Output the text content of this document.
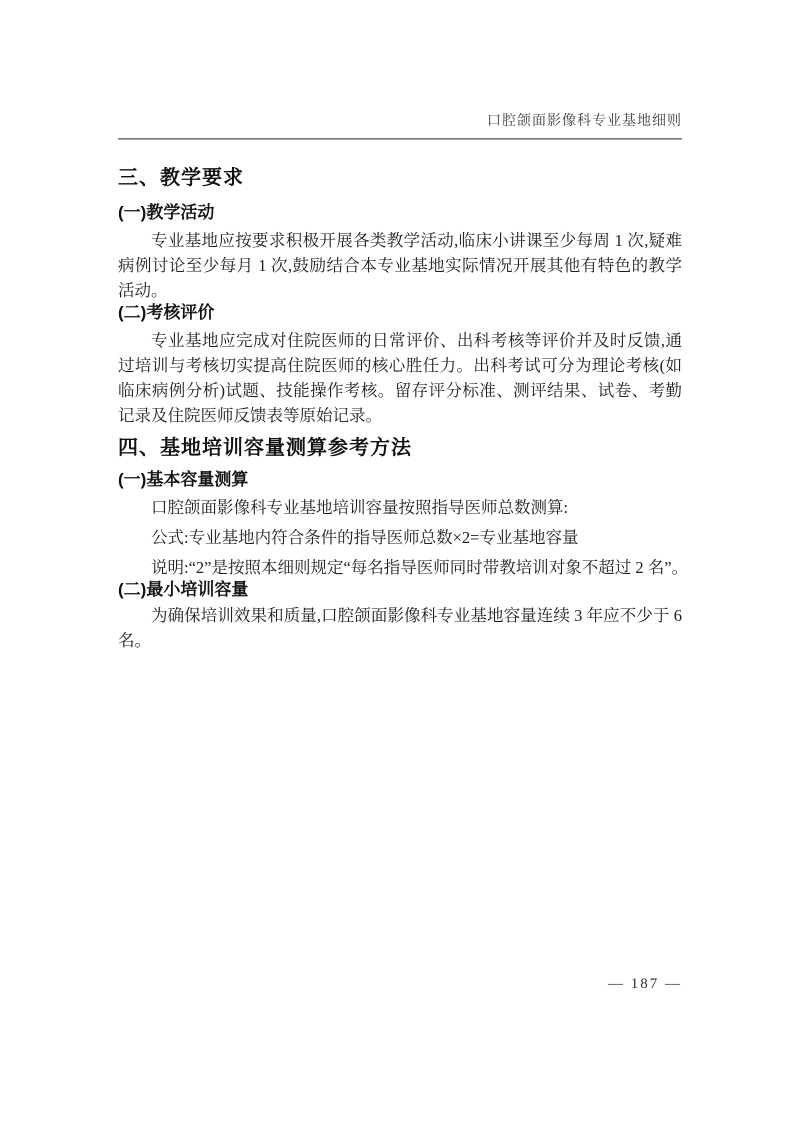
口腔颌面影像科专业基地细则
三、教学要求
(一)教学活动

专业基地应按要求积极开展各类教学活动,临床小讲课至少每周 1 次,疑难病例讨论至少每月 1 次,鼓励结合本专业基地实际情况开展其他有特色的教学活动。

(二)考核评价

专业基地应完成对住院医师的日常评价、出科考核等评价并及时反馈,通过培训与考核切实提高住院医师的核心胜任力。出科考试可分为理论考核(如临床病例分析)试题、技能操作考核。留存评分标准、测评结果、试卷、考勤记录及住院医师反馈表等原始记录。

四、基地培训容量测算参考方法
(一)基本容量测算

口腔颌面影像科专业基地培训容量按照指导医师总数测算:

公式:专业基地内符合条件的指导医师总数×2=专业基地容量

说明:“2”是按照本细则规定“每名指导医师同时带教培训对象不超过 2 名”。

(二)最小培训容量

为确保培训效果和质量,口腔颌面影像科专业基地容量连续 3 年应不少于 6 名。

— 187 —
